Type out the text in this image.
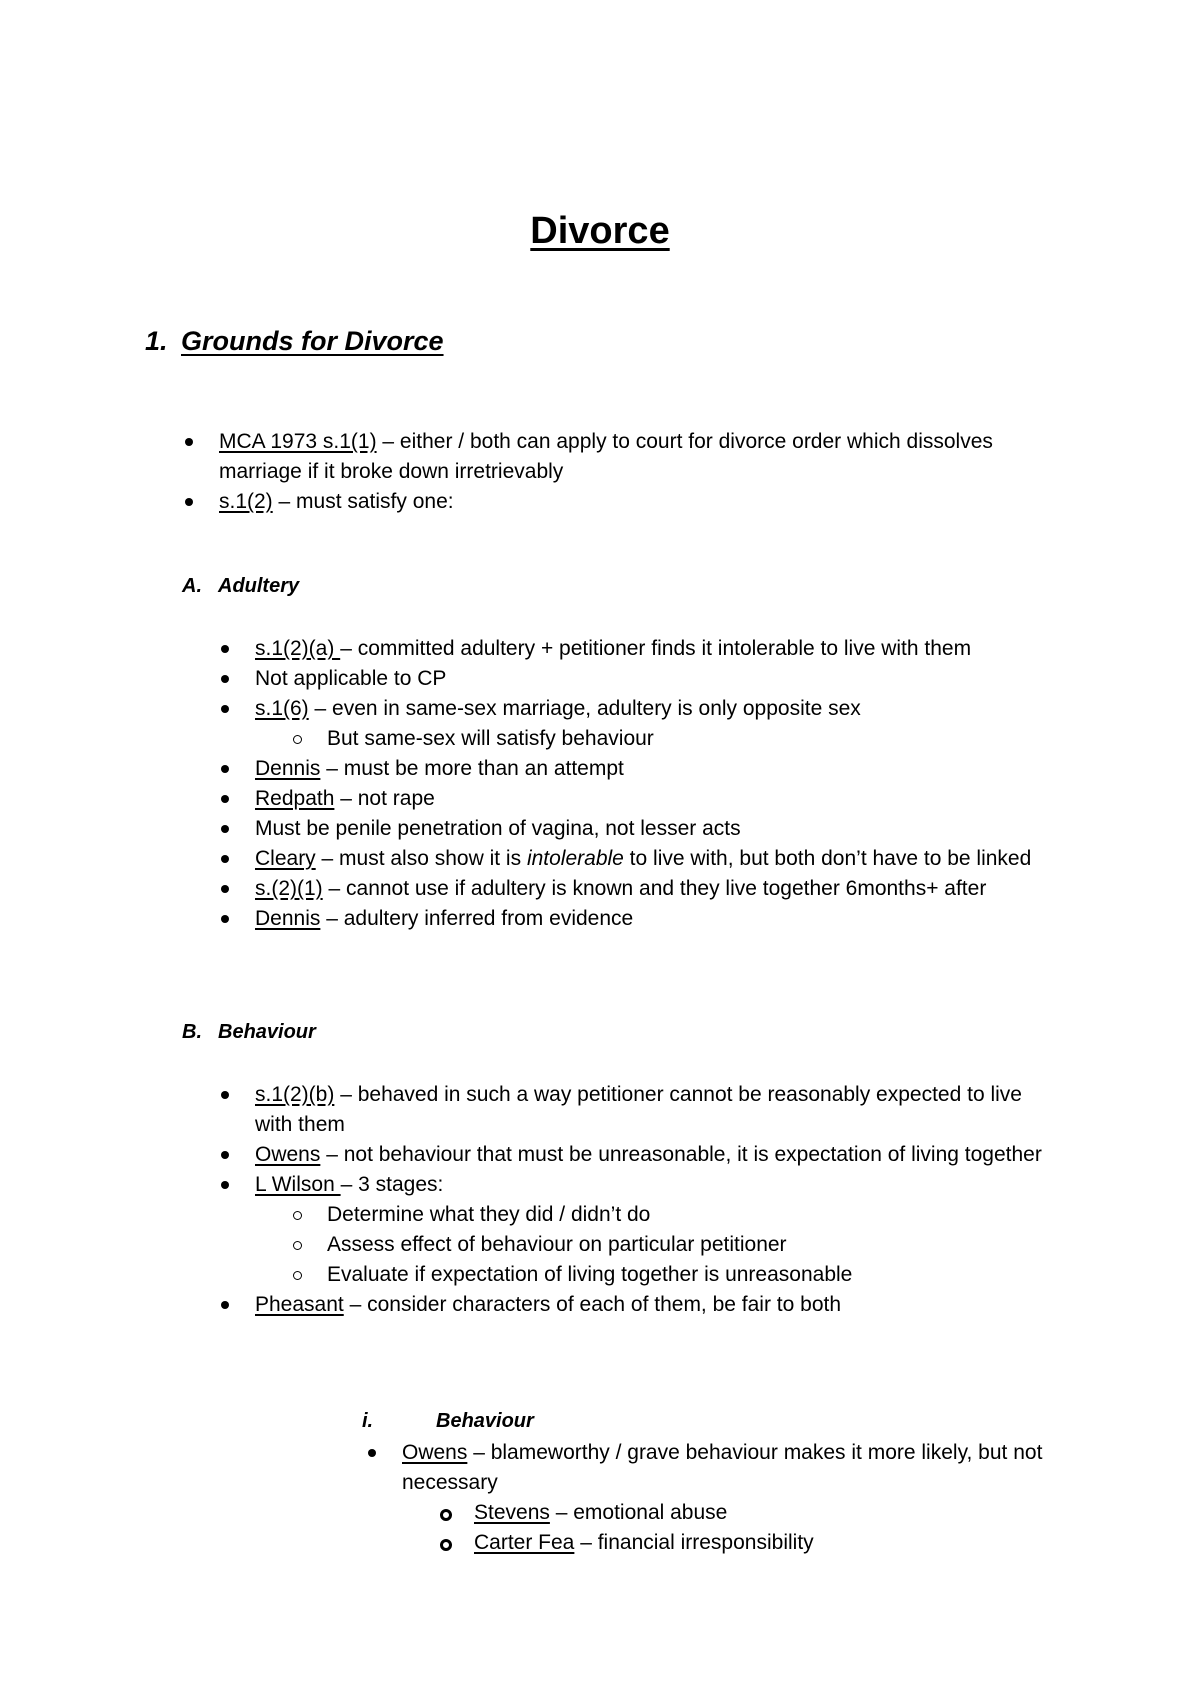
Divorce
1. Grounds for Divorce
MCA 1973 s.1(1) – either / both can apply to court for divorce order which dissolves marriage if it broke down irretrievably
s.1(2) – must satisfy one:
A. Adultery
s.1(2)(a) – committed adultery + petitioner finds it intolerable to live with them
Not applicable to CP
s.1(6) – even in same-sex marriage, adultery is only opposite sex
But same-sex will satisfy behaviour
Dennis – must be more than an attempt
Redpath – not rape
Must be penile penetration of vagina, not lesser acts
Cleary – must also show it is intolerable to live with, but both don’t have to be linked
s.(2)(1) – cannot use if adultery is known and they live together 6months+ after
Dennis – adultery inferred from evidence
B. Behaviour
s.1(2)(b) – behaved in such a way petitioner cannot be reasonably expected to live with them
Owens – not behaviour that must be unreasonable, it is expectation of living together
L Wilson – 3 stages:
Determine what they did / didn’t do
Assess effect of behaviour on particular petitioner
Evaluate if expectation of living together is unreasonable
Pheasant – consider characters of each of them, be fair to both
i.	Behaviour
Owens – blameworthy / grave behaviour makes it more likely, but not necessary
Stevens – emotional abuse
Carter Fea – financial irresponsibility
